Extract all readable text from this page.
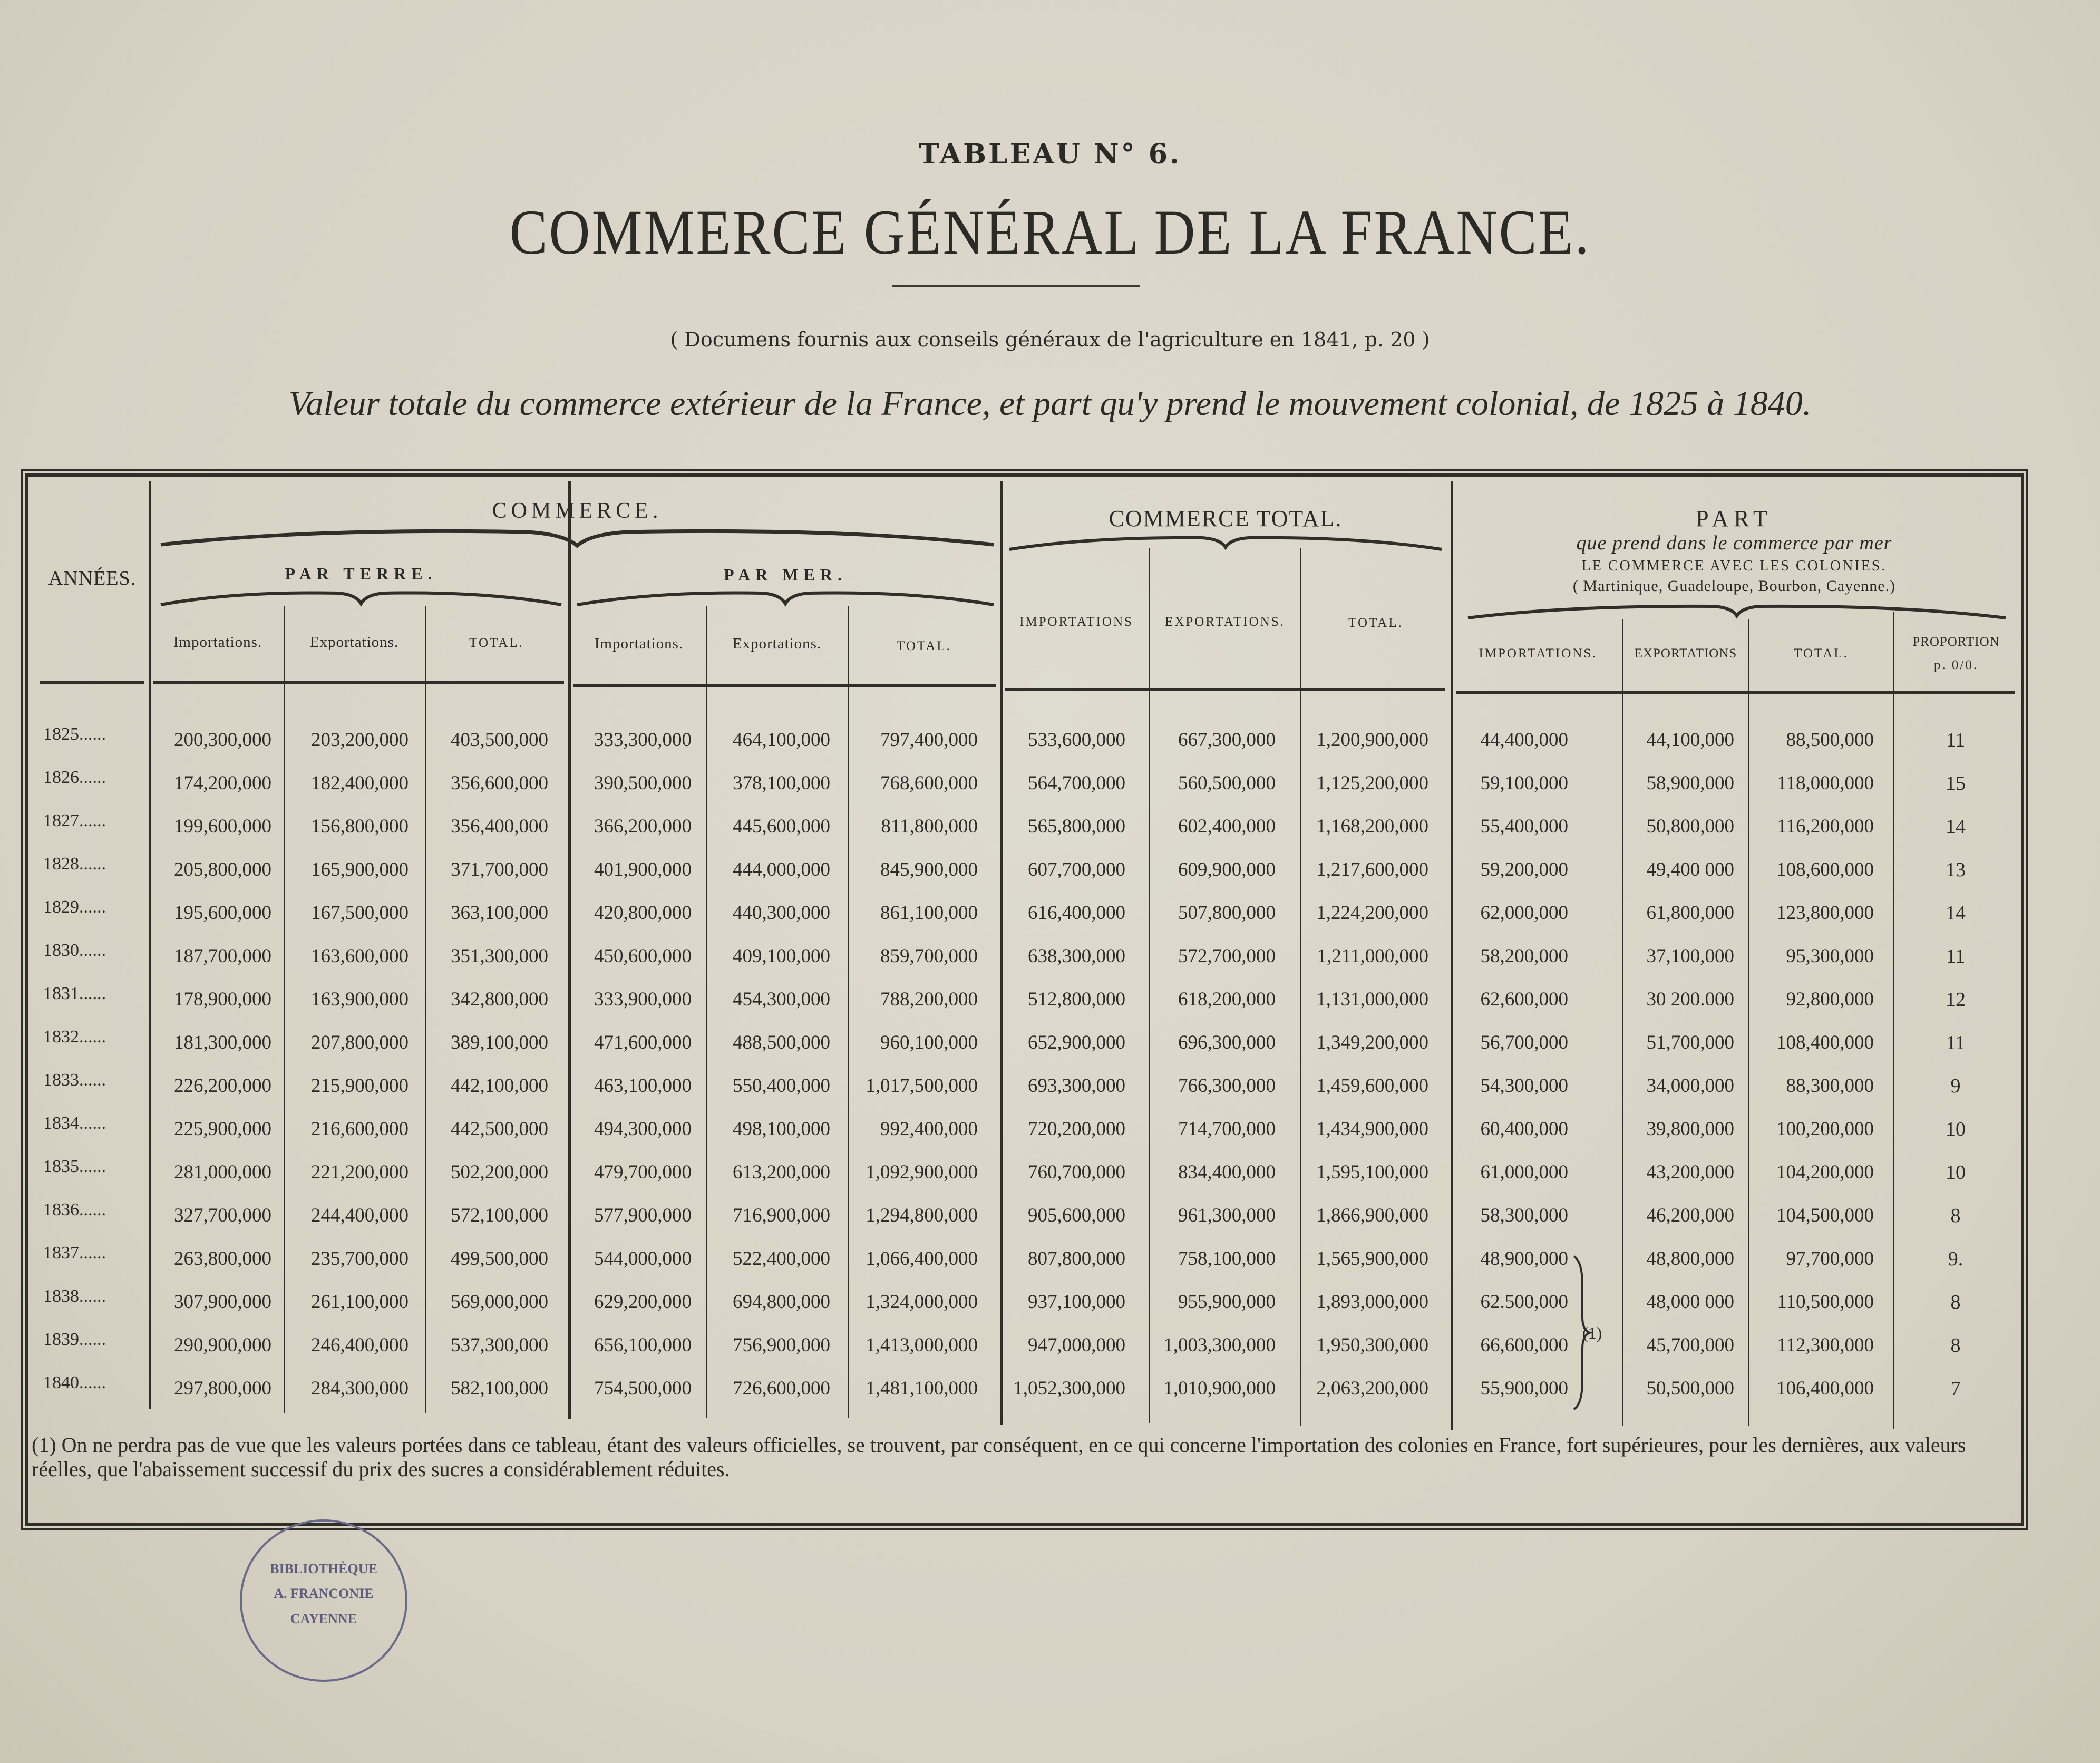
TABLEAU N° 6.
COMMERCE GÉNÉRAL DE LA FRANCE.
( Documens fournis aux conseils généraux de l'agriculture en 1841, p. 20 )
Valeur totale du commerce extérieur de la France, et part qu'y prend le mouvement colonial, de 1825 à 1840.
ANNÉES.
COMMERCE.
PAR TERRE.	PAR MER.
COMMERCE TOTAL.	PART
que prend dans le commerce par mer
LE COMMERCE AVEC LES COLONIES.
( Martinique, Guadeloupe, Bourbon, Cayenne.)
Importations.	Exportations.	TOTAL.	Importations.	Exportations.	TOTAL.
IMPORTATIONS	EXPORTATIONS.	TOTAL.
IMPORTATIONS.	EXPORTATIONS	TOTAL.
PROPORTION
p. 0/0.
1825......	200,300,000	203,200,000	403,500,000	333,300,000	464,100,000	797,400,000	533,600,000	667,300,000	1,200,900,000	44,400,000	44,100,000	88,500,000	11
1826......	174,200,000	182,400,000	356,600,000	390,500,000	378,100,000	768,600,000	564,700,000	560,500,000	1,125,200,000	59,100,000	58,900,000	118,000,000	15
1827......	199,600,000	156,800,000	356,400,000	366,200,000	445,600,000	811,800,000	565,800,000	602,400,000	1,168,200,000	55,400,000	50,800,000	116,200,000	14
1828......	205,800,000	165,900,000	371,700,000	401,900,000	444,000,000	845,900,000	607,700,000	609,900,000	1,217,600,000	59,200,000	49,400 000	108,600,000	13
1829......	195,600,000	167,500,000	363,100,000	420,800,000	440,300,000	861,100,000	616,400,000	507,800,000	1,224,200,000	62,000,000	61,800,000	123,800,000	14
1830......	187,700,000	163,600,000	351,300,000	450,600,000	409,100,000	859,700,000	638,300,000	572,700,000	1,211,000,000	58,200,000	37,100,000	95,300,000	11
1831......	178,900,000	163,900,000	342,800,000	333,900,000	454,300,000	788,200,000	512,800,000	618,200,000	1,131,000,000	62,600,000	30 200.000	92,800,000	12
1832......	181,300,000	207,800,000	389,100,000	471,600,000	488,500,000	960,100,000	652,900,000	696,300,000	1,349,200,000	56,700,000	51,700,000	108,400,000	11
1833......	226,200,000	215,900,000	442,100,000	463,100,000	550,400,000	1,017,500,000	693,300,000	766,300,000	1,459,600,000	54,300,000	34,000,000	88,300,000	9
1834......	225,900,000	216,600,000	442,500,000	494,300,000	498,100,000	992,400,000	720,200,000	714,700,000	1,434,900,000	60,400,000	39,800,000	100,200,000	10
1835......	281,000,000	221,200,000	502,200,000	479,700,000	613,200,000	1,092,900,000	760,700,000	834,400,000	1,595,100,000	61,000,000	43,200,000	104,200,000	10
1836......	327,700,000	244,400,000	572,100,000	577,900,000	716,900,000	1,294,800,000	905,600,000	961,300,000	1,866,900,000	58,300,000	46,200,000	104,500,000	8
1837......	263,800,000	235,700,000	499,500,000	544,000,000	522,400,000	1,066,400,000	807,800,000	758,100,000	1,565,900,000	48,900,000	48,800,000	97,700,000	9.
1838......	307,900,000	261,100,000	569,000,000	629,200,000	694,800,000	1,324,000,000	937,100,000	955,900,000	1,893,000,000	62.500,000	48,000 000	110,500,000	8
1839......	290,900,000	246,400,000	537,300,000	656,100,000	756,900,000	1,413,000,000	947,000,000	1,003,300,000	1,950,300,000	66,600,000	45,700,000	112,300,000	8
1840......	297,800,000	284,300,000	582,100,000	754,500,000	726,600,000	1,481,100,000	1,052,300,000	1,010,900,000	2,063,200,000	55,900,000	50,500,000	106,400,000	7
(1)
(1) On ne perdra pas de vue que les valeurs portées dans ce tableau, étant des valeurs officielles, se trouvent, par conséquent, en ce qui concerne l'importation des colonies en France, fort supérieures, pour les dernières, aux valeurs réelles, que l'abaissement successif du prix des sucres a considérablement réduites.
BIBLIOTHÈQUE
A. FRANCONIE
CAYENNE
